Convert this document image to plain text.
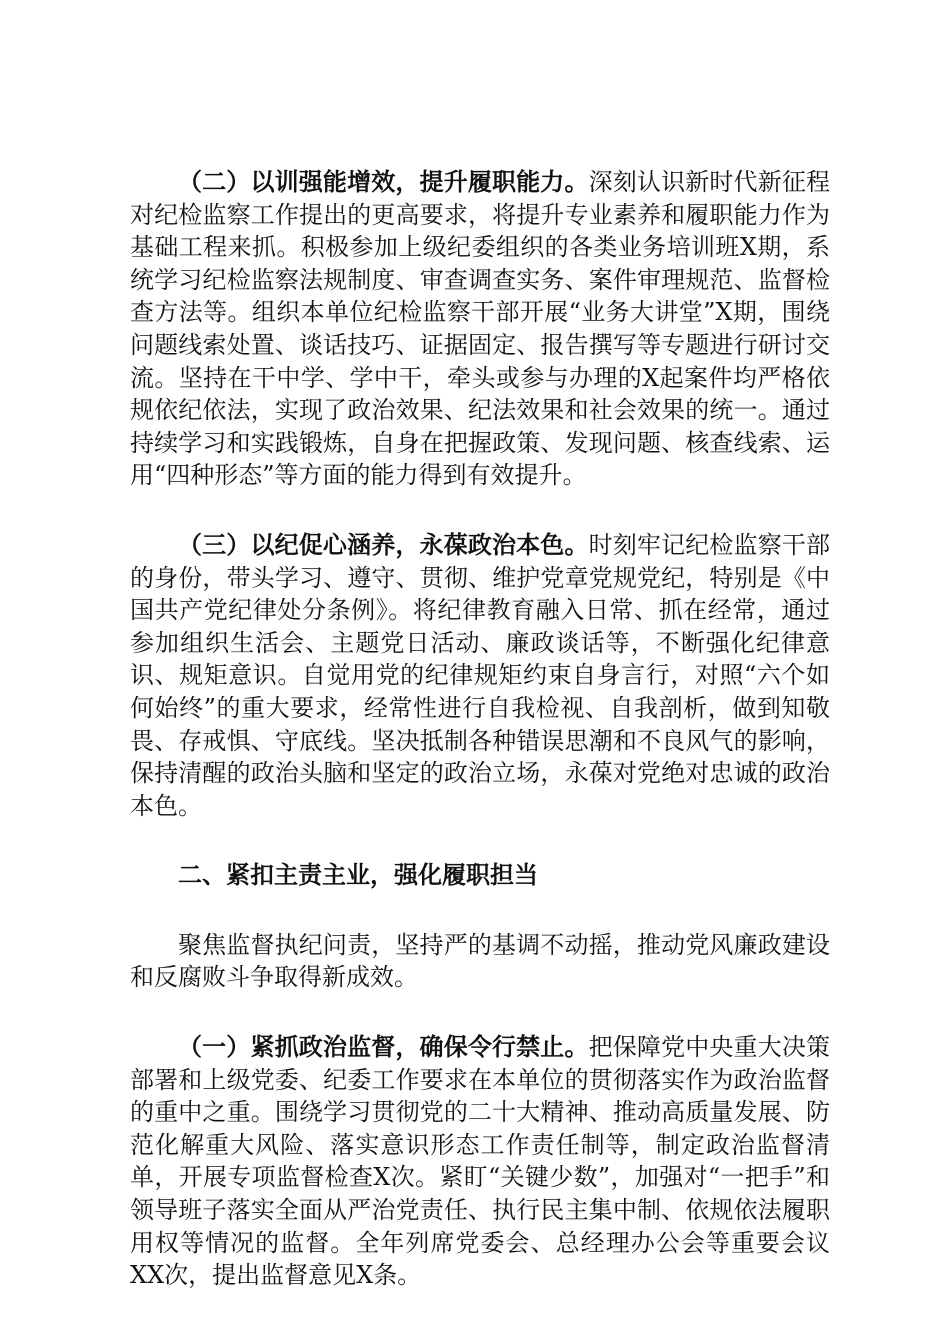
（二）以训强能增效，提升履职能力。深刻认识新时代新征程对纪检监察工作提出的更高要求，将提升专业素养和履职能力作为基础工程来抓。积极参加上级纪委组织的各类业务培训班X期，系统学习纪检监察法规制度、审查调查实务、案件审理规范、监督检查方法等。组织本单位纪检监察干部开展“业务大讲堂”X期，围绕问题线索处置、谈话技巧、证据固定、报告撰写等专题进行研讨交流。坚持在干中学、学中干，牵头或参与办理的X起案件均严格依规依纪依法，实现了政治效果、纪法效果和社会效果的统一。通过持续学习和实践锻炼，自身在把握政策、发现问题、核查线索、运用“四种形态”等方面的能力得到有效提升。

（三）以纪促心涵养，永葆政治本色。时刻牢记纪检监察干部的身份，带头学习、遵守、贯彻、维护党章党规党纪，特别是《中国共产党纪律处分条例》。将纪律教育融入日常、抓在经常，通过参加组织生活会、主题党日活动、廉政谈话等，不断强化纪律意识、规矩意识。自觉用党的纪律规矩约束自身言行，对照“六个如何始终”的重大要求，经常性进行自我检视、自我剖析，做到知敬畏、存戒惧、守底线。坚决抵制各种错误思潮和不良风气的影响，保持清醒的政治头脑和坚定的政治立场，永葆对党绝对忠诚的政治本色。

二、紧扣主责主业，强化履职担当

聚焦监督执纪问责，坚持严的基调不动摇，推动党风廉政建设和反腐败斗争取得新成效。

（一）紧抓政治监督，确保令行禁止。把保障党中央重大决策部署和上级党委、纪委工作要求在本单位的贯彻落实作为政治监督的重中之重。围绕学习贯彻党的二十大精神、推动高质量发展、防范化解重大风险、落实意识形态工作责任制等，制定政治监督清单，开展专项监督检查X次。紧盯“关键少数”，加强对“一把手”和领导班子落实全面从严治党责任、执行民主集中制、依规依法履职用权等情况的监督。全年列席党委会、总经理办公会等重要会议XX次，提出监督意见X条。
